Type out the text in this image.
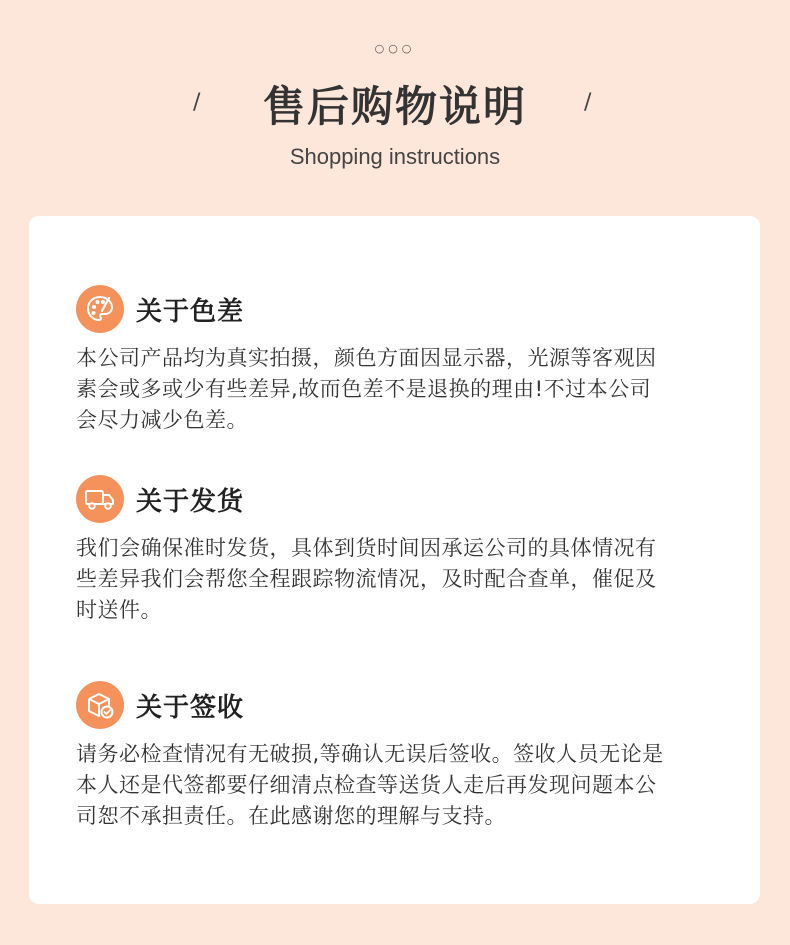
○○○
/	售后购物说明	/
Shopping instructions
关于色差
本公司产品均为真实拍摄，颜色方面因显示器，光源等客观因
素会或多或少有些差异,故而色差不是退换的理由!不过本公司
会尽力减少色差。
关于发货
我们会确保准时发货，具体到货时间因承运公司的具体情况有
些差异我们会帮您全程跟踪物流情况，及时配合查单，催促及
时送件。
关于签收
请务必检查情况有无破损,等确认无误后签收。签收人员无论是
本人还是代签都要仔细清点检查等送货人走后再发现问题本公
司恕不承担责任。在此感谢您的理解与支持。
